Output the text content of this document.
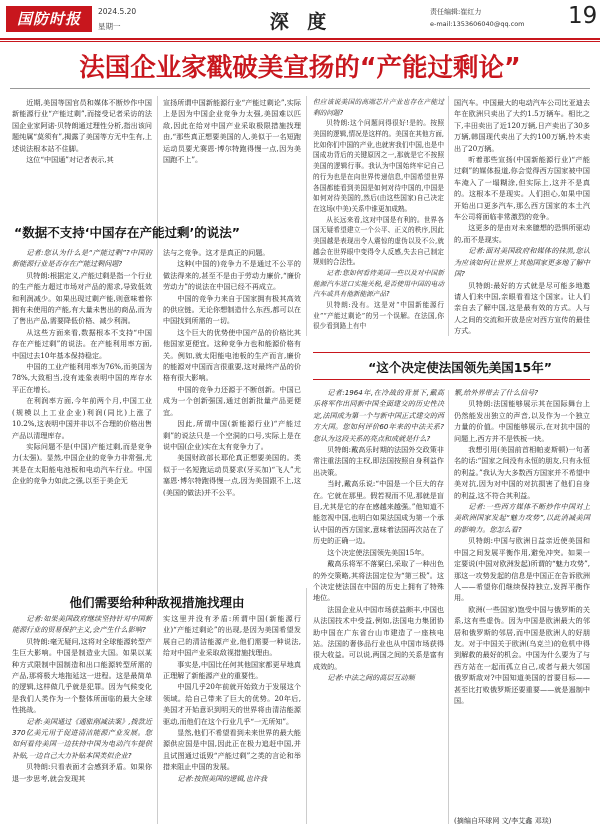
国防时报	2024.5.20
星期一	深 度	责任编辑:崔红力
e-mail:1353606040@qq.com 19
法国企业家戳破美宣扬的“产能过剩论”

近期,美国等国官员和媒体不断炒作中国新能源行业“产能过剩”,而接受记者采访的法国企业家阿诺·贝特朗通过理性分析,指出该问题纯属“莫须有”,揭露了美国等方无中生有,上述说法根本站不住脚。

这位“中国通”对记者表示,其

宣扬所谓中国新能源行业“产能过剩论”,实际上是因为中国企业竞争力太强,美国难以匹敌,因此在给对中国产业采取极限措施找理由,“那些真正想要美国的人,美似于一名短跑运动员要尤赛恩·博尔特跑得慢一点,因为美国跑不上”。

“数据不支持‘中国存在产能过剩’的说法”

记者:您认为什么是“产能过剩”?中国的新能源行业是否存在产能过剩问题?

贝特朗:根据定义,产能过剩是指一个行业的生产能力超过市场对产品的需求,导致低效和利润减少。如果出现过剩产能,则意味着你拥有未使用的产能,有大量未售出的商品,而为了售出产品,需要降低价格、减少利润。

从这些方面来看,数据根本不支持“中国存在产能过剩”的说法。在产能利用率方面,中国过去10年基本保持稳定。

中国的工业产能利用率为76%,而美国为78%,大致相当,没有迹象表明中国的库存水平正在增长。

在利润率方面,今年前两个月,中国工业(规模以上工业企业)利润(同比)上涨了10.2%,这表明中国并非以不合理的价格出售产品以清理库存。

实际问题不是(中国)产能过剩,而是竞争力(太强)。显然,中国企业的竞争力非常强,尤其是在太阳能电池板和电动汽车行业。中国企业的竞争力如此之强,以至于美企无

法与之竞争。这才是真正的问题。

这种(中国的)竞争力不是通过不公平的做法得来的,甚至不是由于劳动力廉价,“廉价劳动力”的说法在中国已经不再成立。

中国的竞争力来自于国家拥有极其高效的供应链。无论你想制造什么东西,都可以在中国找到所需的一切。

这个巨大的优势使中国产品的价格比其他国家更便宜。这种竞争力也和能源价格有关。例如,就太阳能电池板的生产而言,廉价的能源对中国而言很重要,这对最终产品的价格有很大影响。

中国的竞争力还源于不断创新。中国已成为一个创新强国,通过创新批量产品更便宜。

因此,所谓中国(新能源行业)“产能过剩”的说法只是一个空洞的口号,实际上是在说中国(企业)实在太有竞争力了。

美国财政部长耶伦真正想要美国的。类似于一名短跑运动员要求(牙买加)“飞人”尤塞恩·博尔特跑得慢一点,因为美国跟不上,这(美国的做法)并不公平。

但应该说美国的高端芯片产业也存在产能过剩的问题?

贝特朗:这个问题问得很好!是的。按照美国的逻辑,情况是这样的。美国在其他方面,比如你们中国的产业,也就害我们中国,也是中国成功背后的关键原因之一,那就是它不按照美国的逻辑行事。我认为中国始终牢记自己的行为也是在向世界传递信息,中国希望世界各国都能看到美国是如何对待中国的,中国是如何对待美国的,然后(由这些国家)自己决定在这场(中美)关系中谁更加成熟。

从长远来看,这对中国是有利的。世界各国无疑希望建立一个公平、正义的秩序,因此美国越是表现出令人震惊的虚伪以及不公,就越会在世界眼中变得令人反感,失去自己制定规则的合法性。

记者:您如何看待美国一些以及对中国新能源汽车进口实施关税,是否使用中国的电动汽车或具有他新能源产品?

贝特朗:没有。这是对“中国新能源行业”“产能过剩论”的另一个误解。在法国,你很少看到路上有中

国汽车。中国最大的电动汽车公司比亚迪去年在欧洲只卖出了大约1.5万辆车。相比之下,丰田卖出了近120万辆,日产卖出了30多万辆,韩国现代卖出了大约100万辆,铃木卖出了20万辆。

听着那些宣扬(中国新能源行业)“产能过剩”的媒体报道,你会觉得西方国家被中国车淹入了一塌糊涂,但实际上,这并不是真的。这根本不是现实。人们担心,如果中国开始出口更多汽车,那么西方国家的本土汽车公司将面临非常激烈的竞争。

这更多的是由对未来臆想的恐惧所驱动的,而不是现实。

记者:面对美国政府和媒体的抹黑,您认为应该如何让世界上其他国家更多地了解中国?

贝特朗:最好的方式就是尽可能多地邀请人们来中国,亲眼看看这个国家。让人们亲自去了解中国,这是最有效的方式。人与人之间的交流和开放是应对西方宣传的最佳方式。

“这个决定使法国领先美国15年”

记者:1964年,在冷战的背景下,戴高乐将军作出同新中国全面建交的历史性决定,法国成为第一个与新中国正式建交的西方大国。您如何评价60年来的中法关系?您认为这段关系的亮点和成就是什么?

贝特朗:戴高乐时期的法国外交政策非常注重法国的主权,即法国按照自身利益作出决策。

当时,戴高乐说:“中国是一个巨大的存在。它就在那里。假若视而不见,那就是盲目,尤其是它的存在感越来越强。”他知道不能忽视中国,也明白如果法国成为第一个承认中国的西方国家,意味着法国再次站在了历史的正确一边。

这个决定使法国领先美国15年。

戴高乐将军不落窠臼,采取了一种出色的外交策略,其将法国定位为“第三极”。这个决定使法国在中国的历史上拥有了特殊地位。

法国企业从中国市场获益颇丰,中国也从法国技术中受益,例如,法国电力集团协助中国在广东省台山市建造了一座核电站。法国的奢侈品行业也从中国市场获得很大收益。可以说,两国之间的关系是富有成效的。

记者:中法之间的高层互动频

繁,给外界带去了什么信号?

贝特朗:法国能够展示其在国际舞台上仍然能发出独立的声音,以及作为一个独立力量的价值。中国能够展示,在对抗中国的问题上,西方并不是铁板一块。

我想引用(美国前首相帕麦斯顿)一句著名的话:“国家之间没有永恒的朋友,只有永恒的利益。”我认为大多数西方国家并不希望中美对抗,因为对中国的对抗损害了他们自身的利益,这不符合其利益。

记者:一些西方媒体不断炒作中国对上美欧洲国家发起“魅力攻势”,以此消减美国的影响力。您怎么看?

贝特朗:中国与欧洲日益亲近使美国和中国之间发展平衡作用,避免冲突。如果一定要说(中国对欧洲发起)所谓的“魅力攻势”,那这一攻势发起的信息是中国正在告诉欧洲人——希望你们继续保持独立,发挥平衡作用。

欧洲(一些国家)饱受中国与俄罗斯的关系,这有些虚伪。因为中国是欧洲最大的邻居和俄罗斯的邻居,而中国是欧洲人的好朋友。对于中国关于欧洲(乌克兰)的危机中得到解救的最好的机会。中国为什么要为了与西方站在一起而孤立自己,或者与最大邻国俄罗斯敌对?中国知道美国的首要目标——甚至比打败俄罗斯还要重要——就是遏制中国。

他们需要给种种敌视措施找理由

记者:如果美国政府继续坚持针对中国新能源行业的贸易保护主义,会产生什么影响?

贝特朗:毫无疑问,这将对全球能源转型产生巨大影响。中国是制造业大国。如果以某种方式限制中国制造和出口能源转型所需的产品,那将极大地拖延这一进程。这是最简单的逻辑,这样做几乎就是犯罪。因为气候变化是我们人类作为一个整体所面临的最大全球性挑战。

记者:美国通过《通胀削减法案》,拨款近370亿美元用于促进清洁能源产业发展。您如何看待美国一边扶持中国为电动汽车提供补贴,一边自己大力补贴本国类似企业?

贝特朗:只看表面才会感到矛盾。如果你退一步思考,就会发现其

实这里并没有矛盾:所谓中国(新能源行业)“产能过剩论”的出现,是因为美国希望发展自己的清洁能源产业,他们需要一种说法,给对中国产业采取敌视措施找理由。

事实是,中国比任何其他国家都更早地真正理解了新能源产业的重要性。

中国几乎20年前就开始致力于发展这个领域。给自己带来了巨大的优势。20年后,美国才开始意识到明天的世界将由清洁能源驱动,而他们在这个行业几乎“一无所知”。

显然,他们不希望看到未来世界的最大能源供应国是中国,因此正在极力追赶中国,并且试图通过诋毁“产能过剩”之类的言论和举措来阻止中国的发展。

记者:按照美国的逻辑,也许我

(摘编自环球网 文/李艾鑫 邓琰)
